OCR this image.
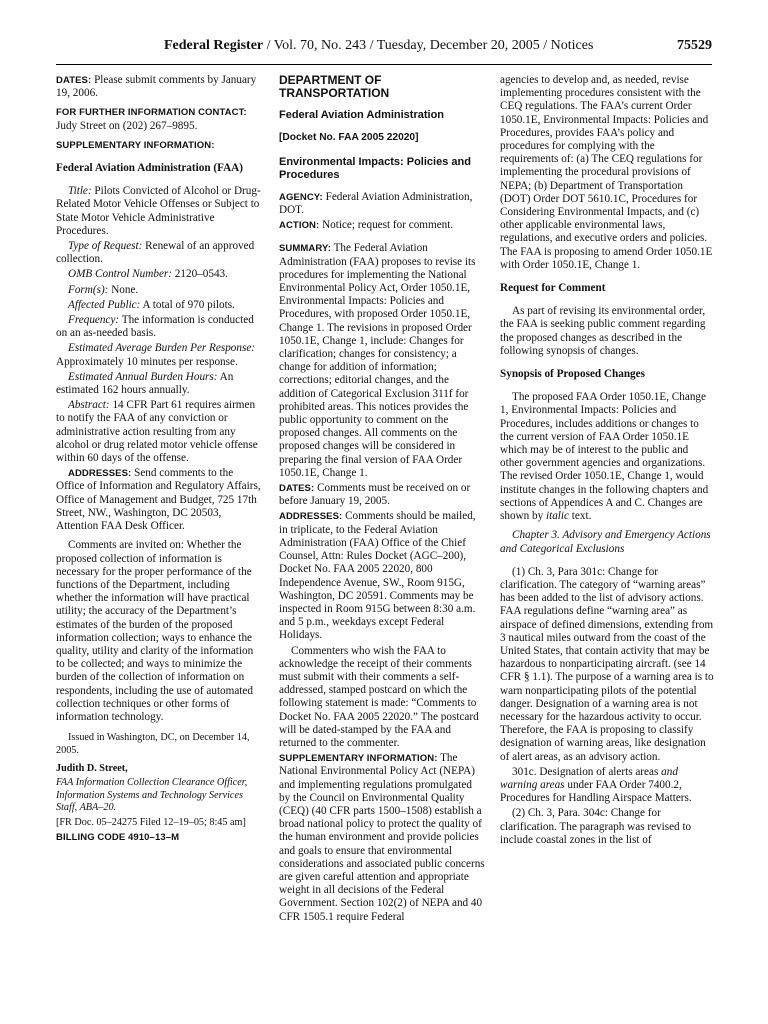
Federal Register / Vol. 70, No. 243 / Tuesday, December 20, 2005 / Notices	75529

DATES: Please submit comments by January 19, 2006.

FOR FURTHER INFORMATION CONTACT: Judy Street on (202) 267–9895.

SUPPLEMENTARY INFORMATION:

Federal Aviation Administration (FAA)

Title: Pilots Convicted of Alcohol or Drug-Related Motor Vehicle Offenses or Subject to State Motor Vehicle Administrative Procedures.

Type of Request: Renewal of an approved collection.

OMB Control Number: 2120–0543.

Form(s): None.

Affected Public: A total of 970 pilots.

Frequency: The information is conducted on an as-needed basis.

Estimated Average Burden Per Response: Approximately 10 minutes per response.

Estimated Annual Burden Hours: An estimated 162 hours annually.

Abstract: 14 CFR Part 61 requires airmen to notify the FAA of any conviction or administrative action resulting from any alcohol or drug related motor vehicle offense within 60 days of the offense.

ADDRESSES: Send comments to the Office of Information and Regulatory Affairs, Office of Management and Budget, 725 17th Street, NW., Washington, DC 20503, Attention FAA Desk Officer.

Comments are invited on: Whether the proposed collection of information is necessary for the proper performance of the functions of the Department, including whether the information will have practical utility; the accuracy of the Department’s estimates of the burden of the proposed information collection; ways to enhance the quality, utility and clarity of the information to be collected; and ways to minimize the burden of the collection of information on respondents, including the use of automated collection techniques or other forms of information technology.

Issued in Washington, DC, on December 14, 2005.

Judith D. Street,

FAA Information Collection Clearance Officer, Information Systems and Technology Services Staff, ABA–20.

[FR Doc. 05–24275 Filed 12–19–05; 8:45 am]

BILLING CODE 4910–13–M

DEPARTMENT OF TRANSPORTATION

Federal Aviation Administration

[Docket No. FAA 2005 22020]

Environmental Impacts: Policies and Procedures

AGENCY: Federal Aviation Administration, DOT.

ACTION: Notice; request for comment.

SUMMARY: The Federal Aviation Administration (FAA) proposes to revise its procedures for implementing the National Environmental Policy Act, Order 1050.1E, Environmental Impacts: Policies and Procedures, with proposed Order 1050.1E, Change 1. The revisions in proposed Order 1050.1E, Change 1, include: Changes for clarification; changes for consistency; a change for addition of information; corrections; editorial changes, and the addition of Categorical Exclusion 311f for prohibited areas. This notices provides the public opportunity to comment on the proposed changes. All comments on the proposed changes will be considered in preparing the final version of FAA Order 1050.1E, Change 1.

DATES: Comments must be received on or before January 19, 2005.

ADDRESSES: Comments should be mailed, in triplicate, to the Federal Aviation Administration (FAA) Office of the Chief Counsel, Attn: Rules Docket (AGC–200), Docket No. FAA 2005 22020, 800 Independence Avenue, SW., Room 915G, Washington, DC 20591. Comments may be inspected in Room 915G between 8:30 a.m. and 5 p.m., weekdays except Federal Holidays.

Commenters who wish the FAA to acknowledge the receipt of their comments must submit with their comments a self-addressed, stamped postcard on which the following statement is made: “Comments to Docket No. FAA 2005 22020.” The postcard will be dated-stamped by the FAA and returned to the commenter.

SUPPLEMENTARY INFORMATION: The National Environmental Policy Act (NEPA) and implementing regulations promulgated by the Council on Environmental Quality (CEQ) (40 CFR parts 1500–1508) establish a broad national policy to protect the quality of the human environment and provide policies and goals to ensure that environmental considerations and associated public concerns are given careful attention and appropriate weight in all decisions of the Federal Government. Section 102(2) of NEPA and 40 CFR 1505.1 require Federal

agencies to develop and, as needed, revise implementing procedures consistent with the CEQ regulations. The FAA’s current Order 1050.1E, Environmental Impacts: Policies and Procedures, provides FAA’s policy and procedures for complying with the requirements of: (a) The CEQ regulations for implementing the procedural provisions of NEPA; (b) Department of Transportation (DOT) Order DOT 5610.1C, Procedures for Considering Environmental Impacts, and (c) other applicable environmental laws, regulations, and executive orders and policies. The FAA is proposing to amend Order 1050.1E with Order 1050.1E, Change 1.

Request for Comment

As part of revising its environmental order, the FAA is seeking public comment regarding the proposed changes as described in the following synopsis of changes.

Synopsis of Proposed Changes

The proposed FAA Order 1050.1E, Change 1, Environmental Impacts: Policies and Procedures, includes additions or changes to the current version of FAA Order 1050.1E which may be of interest to the public and other government agencies and organizations. The revised Order 1050.1E, Change 1, would institute changes in the following chapters and sections of Appendices A and C. Changes are shown by italic text.

Chapter 3. Advisory and Emergency Actions and Categorical Exclusions

(1) Ch. 3, Para 301c: Change for clarification. The category of “warning areas” has been added to the list of advisory actions. FAA regulations define “warning area” as airspace of defined dimensions, extending from 3 nautical miles outward from the coast of the United States, that contain activity that may be hazardous to nonparticipating aircraft. (see 14 CFR § 1.1). The purpose of a warning area is to warn nonparticipating pilots of the potential danger. Designation of a warning area is not necessary for the hazardous activity to occur. Therefore, the FAA is proposing to classify designation of warning areas, like designation of alert areas, as an advisory action.

301c. Designation of alerts areas and warning areas under FAA Order 7400.2, Procedures for Handling Airspace Matters.

(2) Ch. 3, Para. 304c: Change for clarification. The paragraph was revised to include coastal zones in the list of
